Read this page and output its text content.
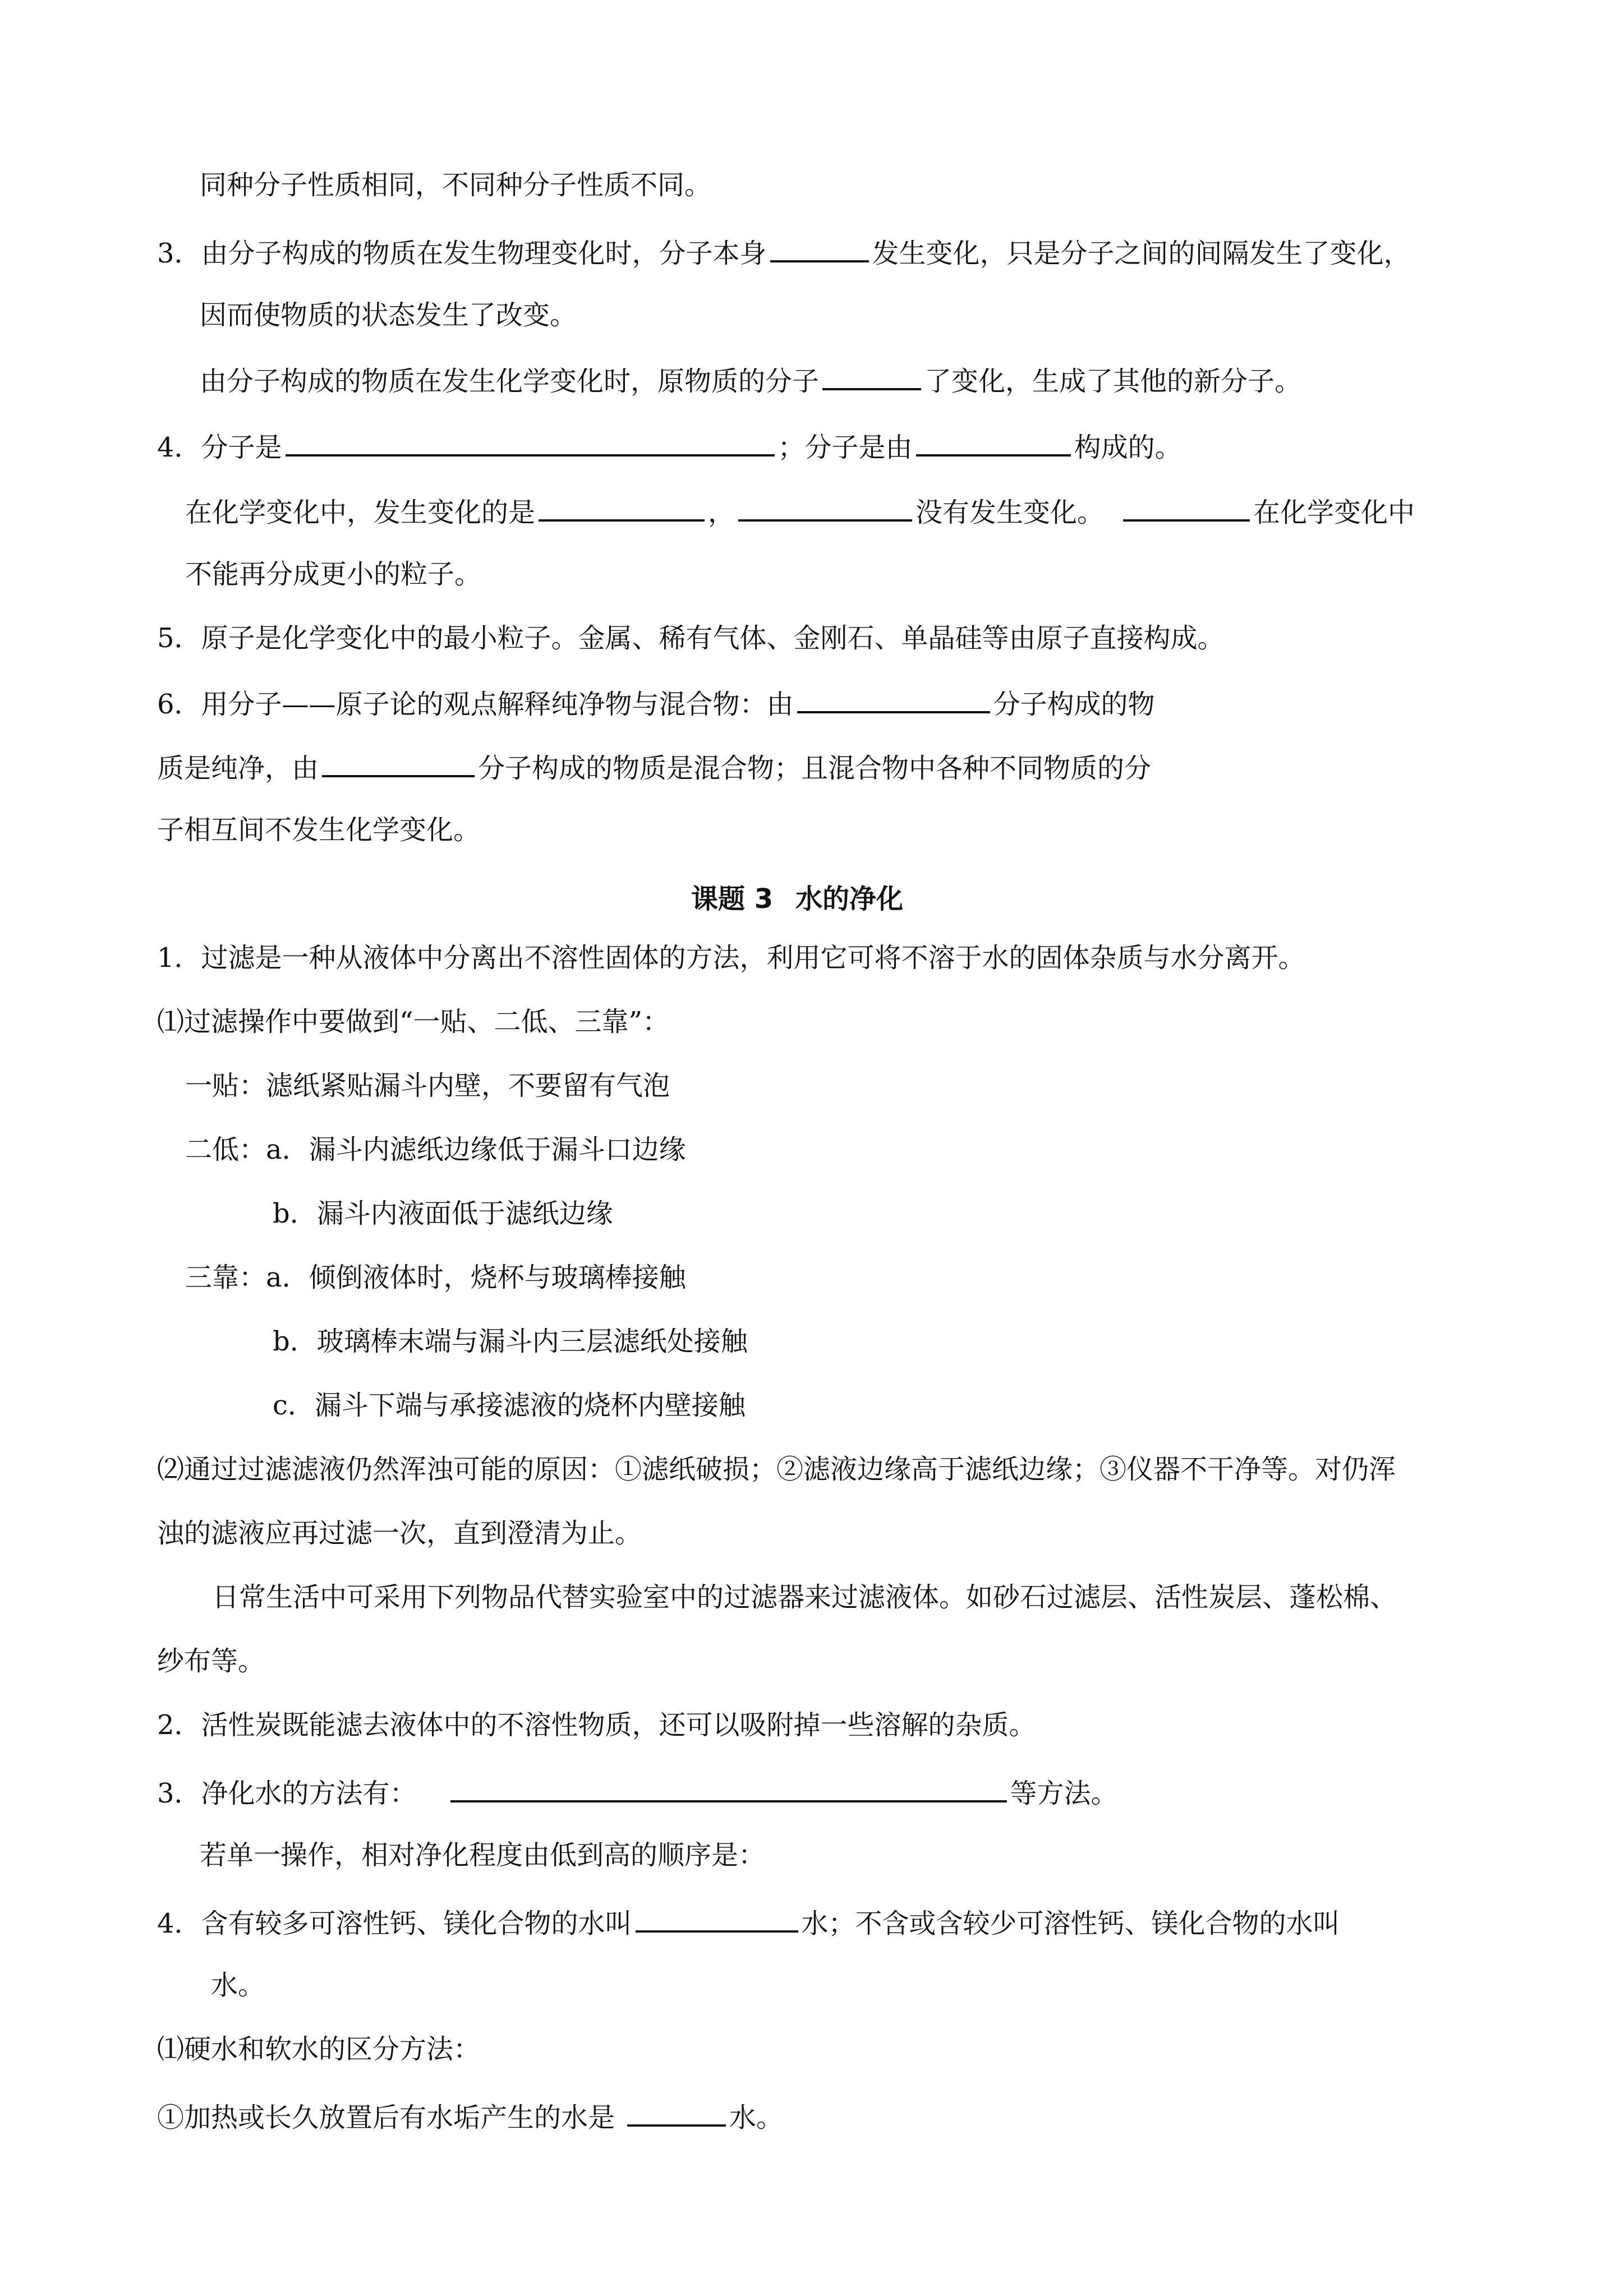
同种分子性质相同，不同种分子性质不同。
3．由分子构成的物质在发生物理变化时，分子本身	发生变化，只是分子之间的间隔发生了变化，
因而使物质的状态发生了改变。
由分子构成的物质在发生化学变化时，原物质的分子	了变化，生成了其他的新分子。
4．分子是	；分子是由	构成的。
在化学变化中，发生变化的是	，	没有发生变化。	在化学变化中
不能再分成更小的粒子。
5．原子是化学变化中的最小粒子。金属、稀有气体、金刚石、单晶硅等由原子直接构成。
6．用分子——原子论的观点解释纯净物与混合物：由	分子构成的物
质是纯净，由	分子构成的物质是混合物；且混合物中各种不同物质的分
子相互间不发生化学变化。
课题 3 水的净化
1．过滤是一种从液体中分离出不溶性固体的方法，利用它可将不溶于水的固体杂质与水分离开。
⑴过滤操作中要做到“一贴、二低、三靠”：
一贴：滤纸紧贴漏斗内壁，不要留有气泡
二低：a．漏斗内滤纸边缘低于漏斗口边缘
b．漏斗内液面低于滤纸边缘
三靠：a．倾倒液体时，烧杯与玻璃棒接触
b．玻璃棒末端与漏斗内三层滤纸处接触
c．漏斗下端与承接滤液的烧杯内壁接触
⑵通过过滤滤液仍然浑浊可能的原因：①滤纸破损；②滤液边缘高于滤纸边缘；③仪器不干净等。对仍浑
浊的滤液应再过滤一次，直到澄清为止。
日常生活中可采用下列物品代替实验室中的过滤器来过滤液体。如砂石过滤层、活性炭层、蓬松棉、
纱布等。
2．活性炭既能滤去液体中的不溶性物质，还可以吸附掉一些溶解的杂质。
3．净化水的方法有：	等方法。
若单一操作，相对净化程度由低到高的顺序是：
4．含有较多可溶性钙、镁化合物的水叫	水；不含或含较少可溶性钙、镁化合物的水叫
水。
⑴硬水和软水的区分方法：
①加热或长久放置后有水垢产生的水是	水。
